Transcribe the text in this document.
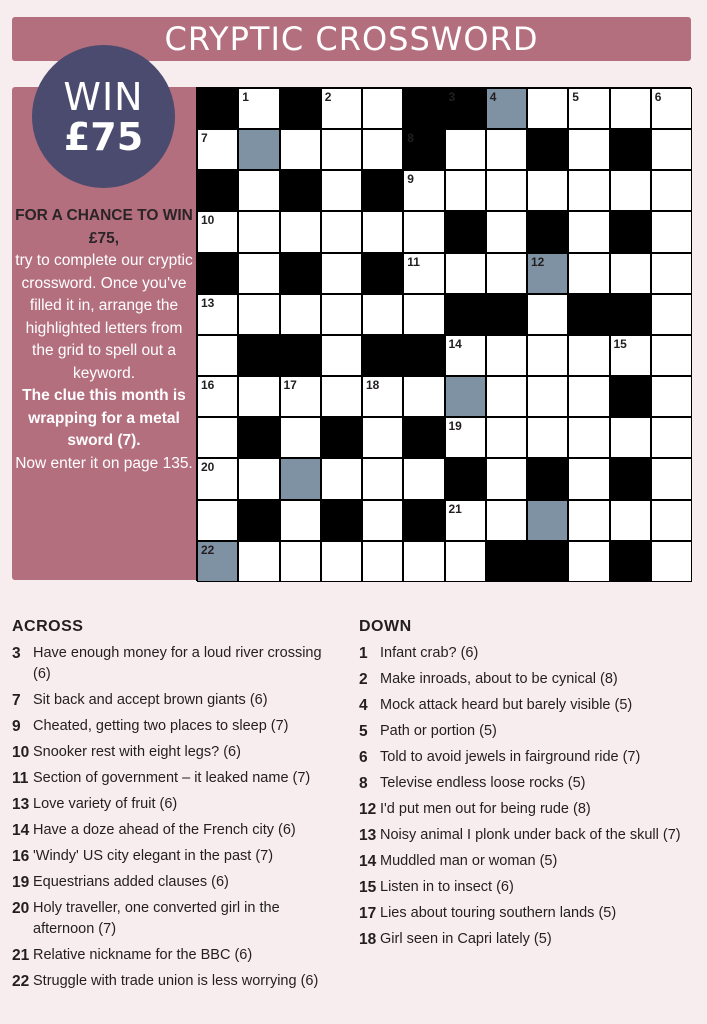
CRYPTIC CROSSWORD
WIN
£75
FOR A CHANCE TO WIN £75,
try to complete our cryptic crossword. Once you've filled it in, arrange the highlighted letters from the grid to spell out a keyword.
The clue this month is wrapping for a metal sword (7).
Now enter it on page 135.
1	2	3	4	5	6
7	8
9
10
11	12
13
14	15
16	17	18
19
20
21
22
ACROSS
3 Have enough money for a loud river crossing (6)
7 Sit back and accept brown giants (6)
9 Cheated, getting two places to sleep (7)
10 Snooker rest with eight legs? (6)
11 Section of government – it leaked name (7)
13 Love variety of fruit (6)
14 Have a doze ahead of the French city (6)
16 'Windy' US city elegant in the past (7)
19 Equestrians added clauses (6)
20 Holy traveller, one converted girl in the afternoon (7)
21 Relative nickname for the BBC (6)
22 Struggle with trade union is less worrying (6)
DOWN
1 Infant crab? (6)
2 Make inroads, about to be cynical (8)
4 Mock attack heard but barely visible (5)
5 Path or portion (5)
6 Told to avoid jewels in fairground ride (7)
8 Televise endless loose rocks (5)
12 I'd put men out for being rude (8)
13 Noisy animal I plonk under back of the skull (7)
14 Muddled man or woman (5)
15 Listen in to insect (6)
17 Lies about touring southern lands (5)
18 Girl seen in Capri lately (5)
